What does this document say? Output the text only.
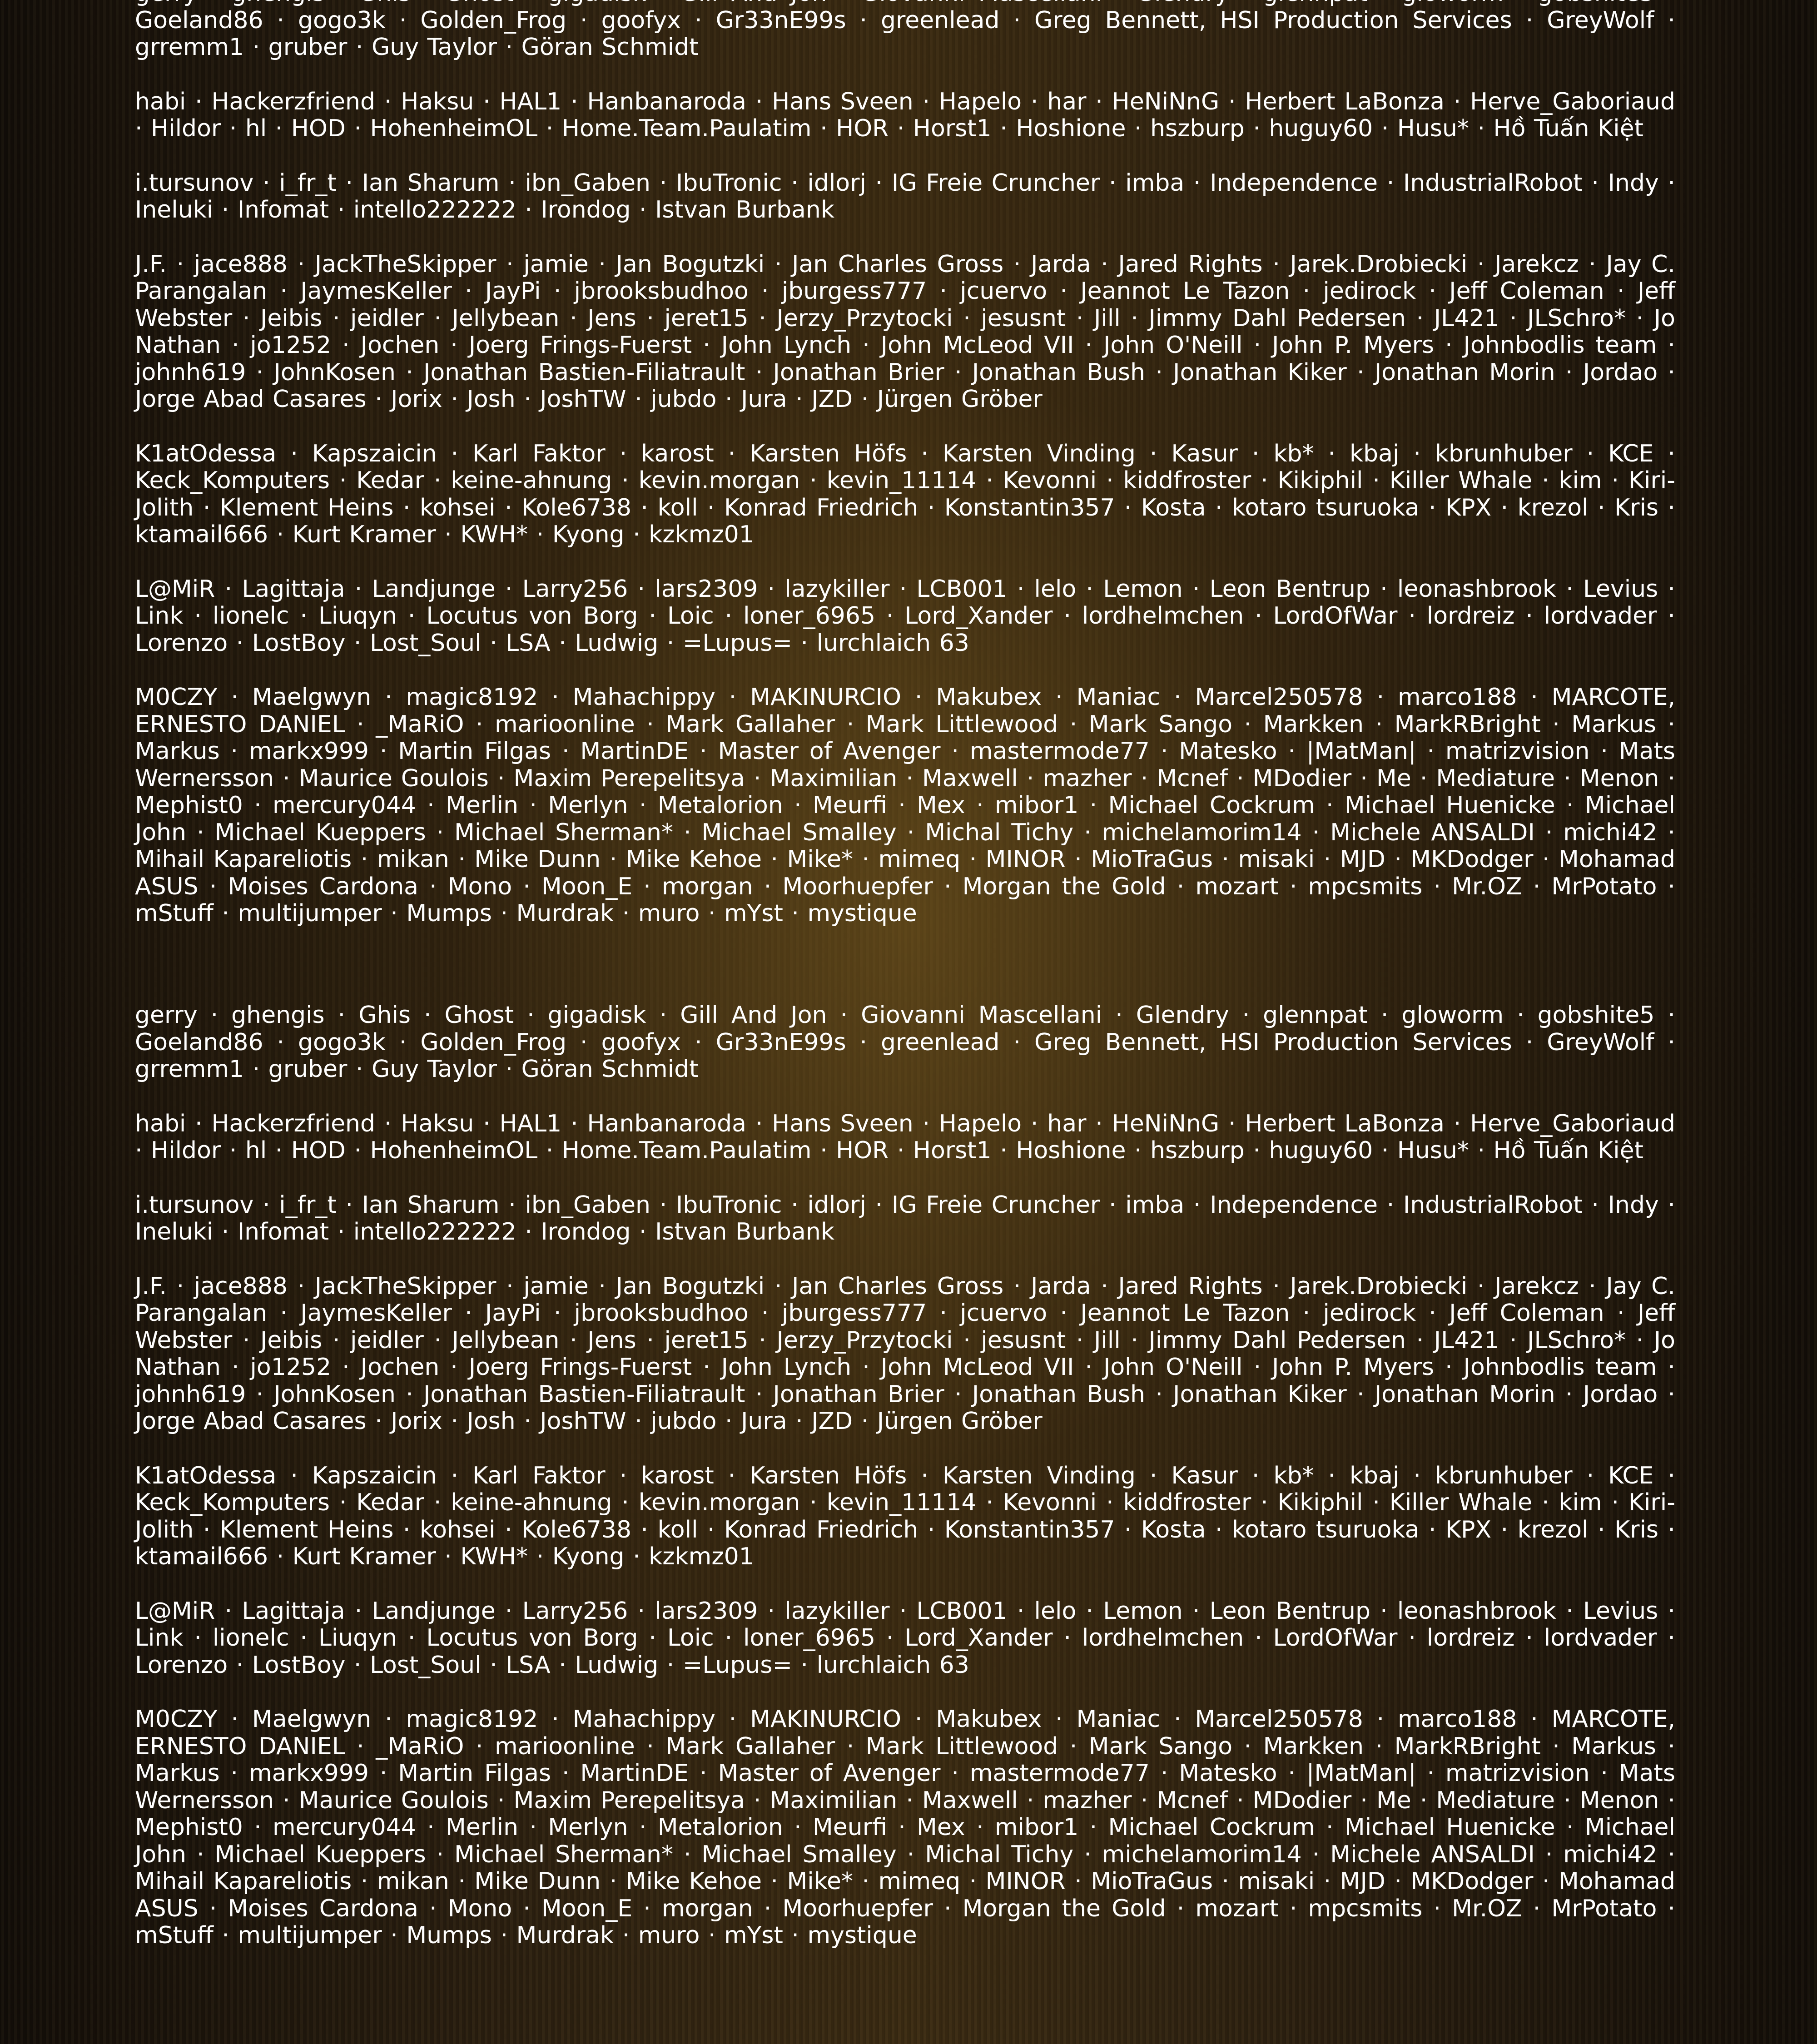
Goeland86 · gogo3k · Golden_Frog · goofyx · Gr33nE99s · greenlead · Greg Bennett, HSI Production Services · GreyWolf · grremm1 · gruber · Guy Taylor · Göran Schmidt

habi · Hackerzfriend · Haksu · HAL1 · Hanbanaroda · Hans Sveen · Hapelo · har · HeNiNnG · Herbert LaBonza · Herve_Gaboriaud · Hildor · hl · HOD · HohenheimOL · Home.Team.Paulatim · HOR · Horst1 · Hoshione · hszburp · huguy60 · Husu* · Hồ Tuấn Kiệt

i.tursunov · i_fr_t · Ian Sharum · ibn_Gaben · IbuTronic · idlorj · IG Freie Cruncher · imba · Independence · IndustrialRobot · Indy · Ineluki · Infomat · intello222222 · Irondog · Istvan Burbank

J.F. · jace888 · JackTheSkipper · jamie · Jan Bogutzki · Jan Charles Gross · Jarda · Jared Rights · Jarek.Drobiecki · Jarekcz · Jay C. Parangalan · JaymesKeller · JayPi · jbrooksbudhoo · jburgess777 · jcuervo · Jeannot Le Tazon · jedirock · Jeff Coleman · Jeff Webster · Jeibis · jeidler · Jellybean · Jens · jeret15 · Jerzy_Przytocki · jesusnt · Jill · Jimmy Dahl Pedersen · JL421 · JLSchro* · Jo Nathan · jo1252 · Jochen · Joerg Frings-Fuerst · John Lynch · John McLeod VII · John O'Neill · John P. Myers · Johnbodlis team · johnh619 · JohnKosen · Jonathan Bastien-Filiatrault · Jonathan Brier · Jonathan Bush · Jonathan Kiker · Jonathan Morin · Jordao · Jorge Abad Casares · Jorix · Josh · JoshTW · jubdo · Jura · JZD · Jürgen Gröber

K1atOdessa · Kapszaicin · Karl Faktor · karost · Karsten Höfs · Karsten Vinding · Kasur · kb* · kbaj · kbrunhuber · KCE · Keck_Komputers · Kedar · keine-ahnung · kevin.morgan · kevin_11114 · Kevonni · kiddfroster · Kikiphil · Killer Whale · kim · Kiri-Jolith · Klement Heins · kohsei · Kole6738 · koll · Konrad Friedrich · Konstantin357 · Kosta · kotaro tsuruoka · KPX · krezol · Kris · ktamail666 · Kurt Kramer · KWH* · Kyong · kzkmz01

L@MiR · Lagittaja · Landjunge · Larry256 · lars2309 · lazykiller · LCB001 · lelo · Lemon · Leon Bentrup · leonashbrook · Levius · Link · lionelc · Liuqyn · Locutus von Borg · Loic · loner_6965 · Lord_Xander · lordhelmchen · LordOfWar · lordreiz · lordvader · Lorenzo · LostBoy · Lost_Soul · LSA · Ludwig · =Lupus= · lurchlaich 63

M0CZY · Maelgwyn · magic8192 · Mahachippy · MAKINURCIO · Makubex · Maniac · Marcel250578 · marco188 · MARCOTE, ERNESTO DANIEL · _MaRiO · marioonline · Mark Gallaher · Mark Littlewood · Mark Sango · Markken · MarkRBright · Markus · Markus · markx999 · Martin Filgas · MartinDE · Master of Avenger · mastermode77 · Matesko · |MatMan| · matrizvision · Mats Wernersson · Maurice Goulois · Maxim Perepelitsya · Maximilian · Maxwell · mazher · Mcnef · MDodier · Me · Mediature · Menon · Mephist0 · mercury044 · Merlin · Merlyn · Metalorion · Meurfi · Mex · mibor1 · Michael Cockrum · Michael Huenicke · Michael John · Michael Kueppers · Michael Sherman* · Michael Smalley · Michal Tichy · michelamorim14 · Michele ANSALDI · michi42 · Mihail Kapareliotis · mikan · Mike Dunn · Mike Kehoe · Mike* · mimeq · MINOR · MioTraGus · misaki · MJD · MKDodger · Mohamad ASUS · Moises Cardona · Mono · Moon_E · morgan · Moorhuepfer · Morgan the Gold · mozart · mpcsmits · Mr.OZ · MrPotato · mStuff · multijumper · Mumps · Murdrak · muro · mYst · mystique

gerry · ghengis · Ghis · Ghost · gigadisk · Gill And Jon · Giovanni Mascellani · Glendry · glennpat · gloworm · gobshite5 · Goeland86 · gogo3k · Golden_Frog · goofyx · Gr33nE99s · greenlead · Greg Bennett, HSI Production Services · GreyWolf · grremm1 · gruber · Guy Taylor · Göran Schmidt

habi · Hackerzfriend · Haksu · HAL1 · Hanbanaroda · Hans Sveen · Hapelo · har · HeNiNnG · Herbert LaBonza · Herve_Gaboriaud · Hildor · hl · HOD · HohenheimOL · Home.Team.Paulatim · HOR · Horst1 · Hoshione · hszburp · huguy60 · Husu* · Hồ Tuấn Kiệt

i.tursunov · i_fr_t · Ian Sharum · ibn_Gaben · IbuTronic · idlorj · IG Freie Cruncher · imba · Independence · IndustrialRobot · Indy · Ineluki · Infomat · intello222222 · Irondog · Istvan Burbank

J.F. · jace888 · JackTheSkipper · jamie · Jan Bogutzki · Jan Charles Gross · Jarda · Jared Rights · Jarek.Drobiecki · Jarekcz · Jay C. Parangalan · JaymesKeller · JayPi · jbrooksbudhoo · jburgess777 · jcuervo · Jeannot Le Tazon · jedirock · Jeff Coleman · Jeff Webster · Jeibis · jeidler · Jellybean · Jens · jeret15 · Jerzy_Przytocki · jesusnt · Jill · Jimmy Dahl Pedersen · JL421 · JLSchro* · Jo Nathan · jo1252 · Jochen · Joerg Frings-Fuerst · John Lynch · John McLeod VII · John O'Neill · John P. Myers · Johnbodlis team · johnh619 · JohnKosen · Jonathan Bastien-Filiatrault · Jonathan Brier · Jonathan Bush · Jonathan Kiker · Jonathan Morin · Jordao · Jorge Abad Casares · Jorix · Josh · JoshTW · jubdo · Jura · JZD · Jürgen Gröber

K1atOdessa · Kapszaicin · Karl Faktor · karost · Karsten Höfs · Karsten Vinding · Kasur · kb* · kbaj · kbrunhuber · KCE · Keck_Komputers · Kedar · keine-ahnung · kevin.morgan · kevin_11114 · Kevonni · kiddfroster · Kikiphil · Killer Whale · kim · Kiri-Jolith · Klement Heins · kohsei · Kole6738 · koll · Konrad Friedrich · Konstantin357 · Kosta · kotaro tsuruoka · KPX · krezol · Kris · ktamail666 · Kurt Kramer · KWH* · Kyong · kzkmz01

L@MiR · Lagittaja · Landjunge · Larry256 · lars2309 · lazykiller · LCB001 · lelo · Lemon · Leon Bentrup · leonashbrook · Levius · Link · lionelc · Liuqyn · Locutus von Borg · Loic · loner_6965 · Lord_Xander · lordhelmchen · LordOfWar · lordreiz · lordvader · Lorenzo · LostBoy · Lost_Soul · LSA · Ludwig · =Lupus= · lurchlaich 63

M0CZY · Maelgwyn · magic8192 · Mahachippy · MAKINURCIO · Makubex · Maniac · Marcel250578 · marco188 · MARCOTE, ERNESTO DANIEL · _MaRiO · marioonline · Mark Gallaher · Mark Littlewood · Mark Sango · Markken · MarkRBright · Markus · Markus · markx999 · Martin Filgas · MartinDE · Master of Avenger · mastermode77 · Matesko · |MatMan| · matrizvision · Mats Wernersson · Maurice Goulois · Maxim Perepelitsya · Maximilian · Maxwell · mazher · Mcnef · MDodier · Me · Mediature · Menon · Mephist0 · mercury044 · Merlin · Merlyn · Metalorion · Meurfi · Mex · mibor1 · Michael Cockrum · Michael Huenicke · Michael John · Michael Kueppers · Michael Sherman* · Michael Smalley · Michal Tichy · michelamorim14 · Michele ANSALDI · michi42 · Mihail Kapareliotis · mikan · Mike Dunn · Mike Kehoe · Mike* · mimeq · MINOR · MioTraGus · misaki · MJD · MKDodger · Mohamad ASUS · Moises Cardona · Mono · Moon_E · morgan · Moorhuepfer · Morgan the Gold · mozart · mpcsmits · Mr.OZ · MrPotato · mStuff · multijumper · Mumps · Murdrak · muro · mYst · mystique
